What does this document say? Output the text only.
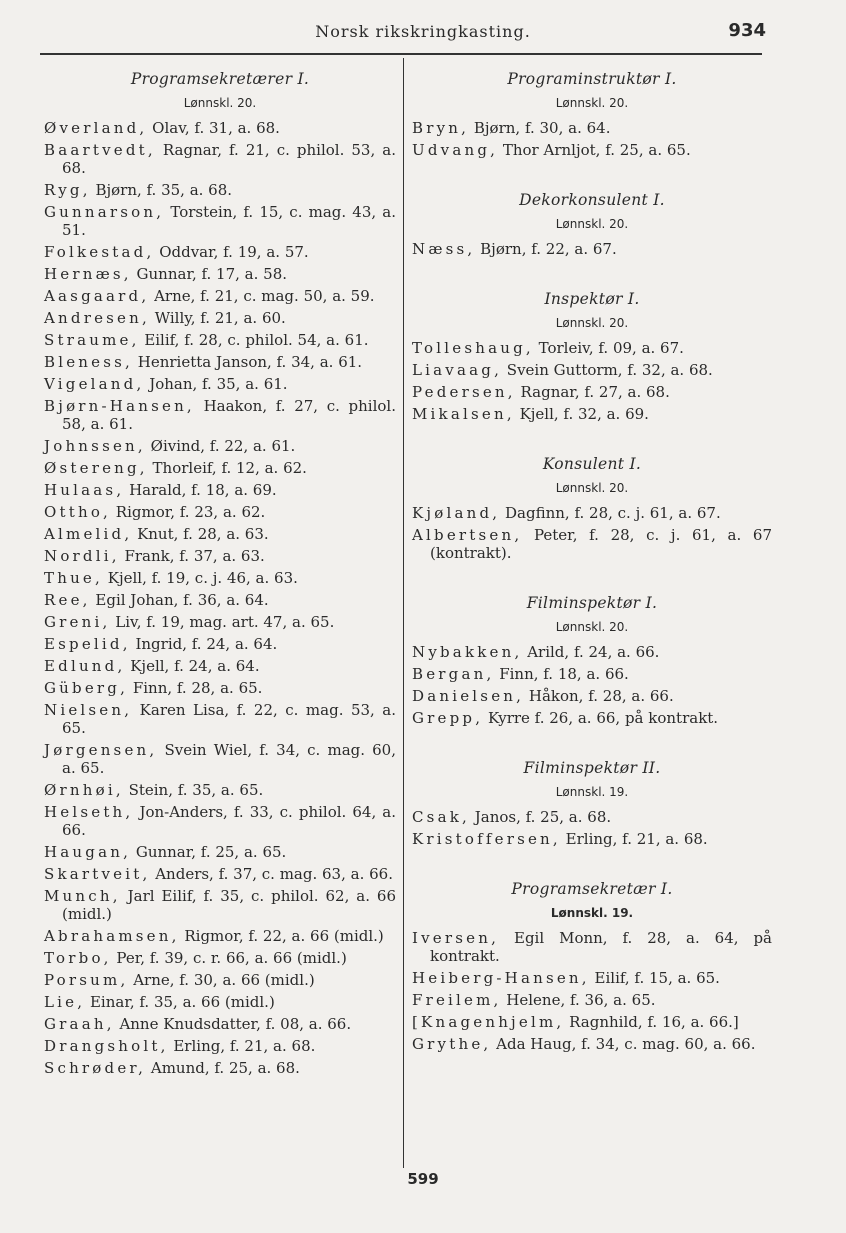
Norsk rikskringkasting.	934

Programsekretærer I.

Lønnskl. 20.

Øverland, Olav, f. 31, a. 68.

Baartvedt, Ragnar, f. 21, c. philol. 53, a. 68.

Ryg, Bjørn, f. 35, a. 68.

Gunnarson, Torstein, f. 15, c. mag. 43, a. 51.

Folkestad, Oddvar, f. 19, a. 57.

Hernæs, Gunnar, f. 17, a. 58.

Aasgaard, Arne, f. 21, c. mag. 50, a. 59.

Andresen, Willy, f. 21, a. 60.

Straume, Eilif, f. 28, c. philol. 54, a. 61.

Bleness, Henrietta Janson, f. 34, a. 61.

Vigeland, Johan, f. 35, a. 61.

Bjørn-Hansen, Haakon, f. 27, c. philol. 58, a. 61.

Johnssen, Øivind, f. 22, a. 61.

Østereng, Thorleif, f. 12, a. 62.

Hulaas, Harald, f. 18, a. 69.

Ottho, Rigmor, f. 23, a. 62.

Almelid, Knut, f. 28, a. 63.

Nordli, Frank, f. 37, a. 63.

Thue, Kjell, f. 19, c. j. 46, a. 63.

Ree, Egil Johan, f. 36, a. 64.

Greni, Liv, f. 19, mag. art. 47, a. 65.

Espelid, Ingrid, f. 24, a. 64.

Edlund, Kjell, f. 24, a. 64.

Güberg, Finn, f. 28, a. 65.

Nielsen, Karen Lisa, f. 22, c. mag. 53, a. 65.

Jørgensen, Svein Wiel, f. 34, c. mag. 60, a. 65.

Ørnhøi, Stein, f. 35, a. 65.

Helseth, Jon-Anders, f. 33, c. philol. 64, a. 66.

Haugan, Gunnar, f. 25, a. 65.

Skartveit, Anders, f. 37, c. mag. 63, a. 66.

Munch, Jarl Eilif, f. 35, c. philol. 62, a. 66 (midl.)

Abrahamsen, Rigmor, f. 22, a. 66 (midl.)

Torbo, Per, f. 39, c. r. 66, a. 66 (midl.)

Porsum, Arne, f. 30, a. 66 (midl.)

Lie, Einar, f. 35, a. 66 (midl.)

Graah, Anne Knudsdatter, f. 08, a. 66.

Drangsholt, Erling, f. 21, a. 68.

Schrøder, Amund, f. 25, a. 68.

Programinstruktør I.

Lønnskl. 20.

Bryn, Bjørn, f. 30, a. 64.

Udvang, Thor Arnljot, f. 25, a. 65.

Dekorkonsulent I.

Lønnskl. 20.

Næss, Bjørn, f. 22, a. 67.

Inspektør I.

Lønnskl. 20.

Tolleshaug, Torleiv, f. 09, a. 67.

Liavaag, Svein Guttorm, f. 32, a. 68.

Pedersen, Ragnar, f. 27, a. 68.

Mikalsen, Kjell, f. 32, a. 69.

Konsulent I.

Lønnskl. 20.

Kjøland, Dagfinn, f. 28, c. j. 61, a. 67.

Albertsen, Peter, f. 28, c. j. 61, a. 67 (kontrakt).

Filminspektør I.

Lønnskl. 20.

Nybakken, Arild, f. 24, a. 66.

Bergan, Finn, f. 18, a. 66.

Danielsen, Håkon, f. 28, a. 66.

Grepp, Kyrre f. 26, a. 66, på kontrakt.

Filminspektør II.

Lønnskl. 19.

Csak, Janos, f. 25, a. 68.

Kristoffersen, Erling, f. 21, a. 68.

Programsekretær I.

Lønnskl. 19.

Iversen, Egil Monn, f. 28, a. 64, på kontrakt.

Heiberg-Hansen, Eilif, f. 15, a. 65.

Freilem, Helene, f. 36, a. 65.

[Knagenhjelm, Ragnhild, f. 16, a. 66.]

Grythe, Ada Haug, f. 34, c. mag. 60, a. 66.

599
